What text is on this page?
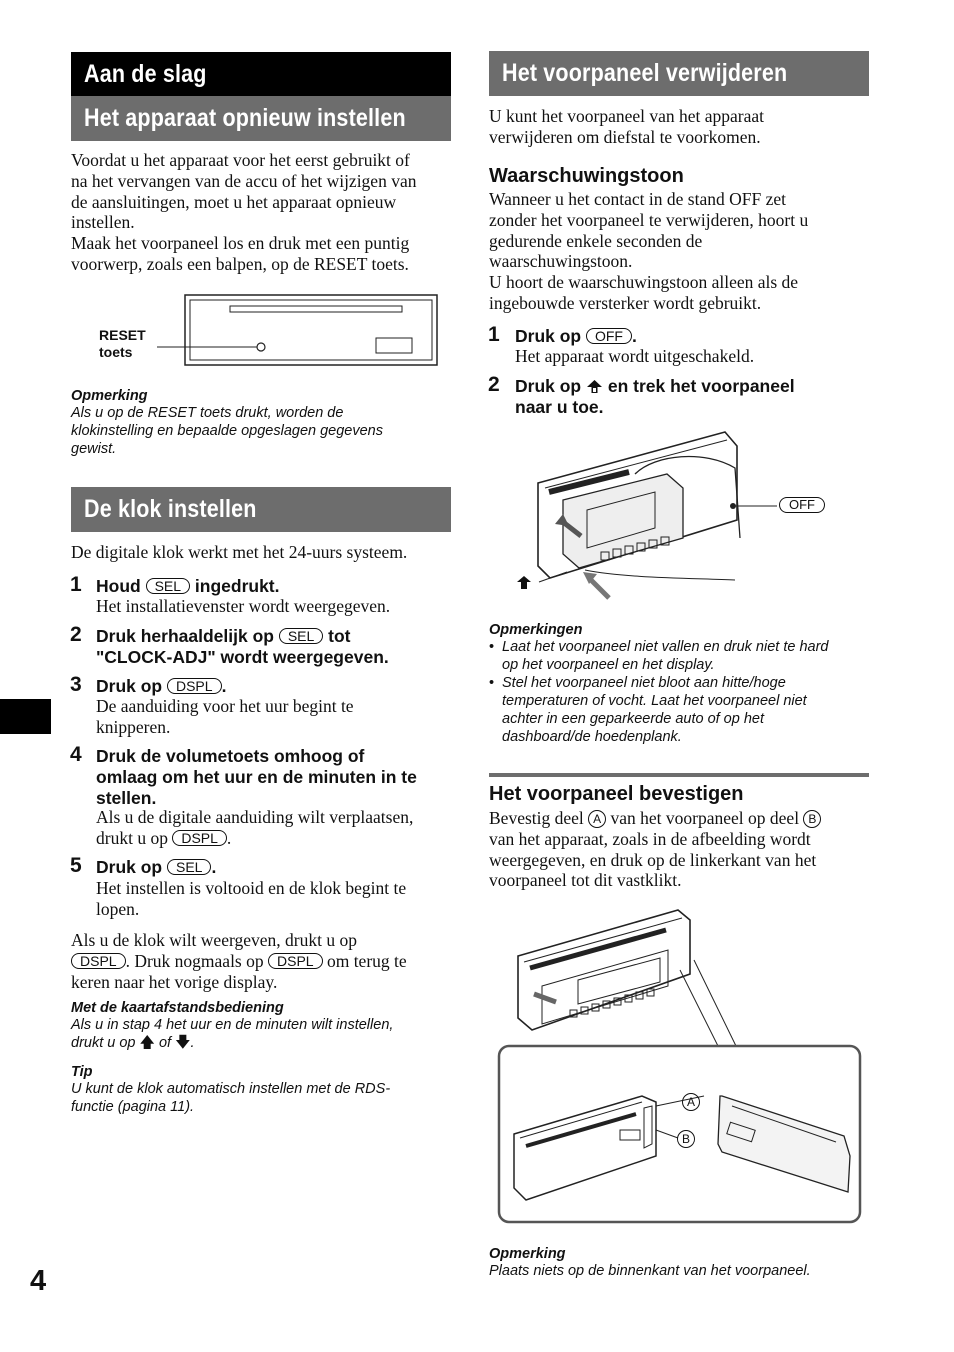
Aan de slag
Het apparaat opnieuw instellen
Voordat u het apparaat voor het eerst gebruikt of
na het vervangen van de accu of het wijzigen van
de aansluitingen, moet u het apparaat opnieuw
instellen.
Maak het voorpaneel los en druk met een puntig
voorwerp, zoals een balpen, op de RESET toets.
RESET
toets
Opmerking
Als u op de RESET toets drukt, worden de
klokinstelling en bepaalde opgeslagen gegevens
gewist.
De klok instellen
De digitale klok werkt met het 24-uurs systeem.
1 Houd SEL ingedrukt.
Het installatievenster wordt weergegeven.
2 Druk herhaaldelijk op SEL tot
"CLOCK-ADJ" wordt weergegeven.
3 Druk op DSPL .
De aanduiding voor het uur begint te
knipperen.
4 Druk de volumetoets omhoog of
omlaag om het uur en de minuten in te
stellen.
Als u de digitale aanduiding wilt verplaatsen,
drukt u op DSPL .
5 Druk op SEL .
Het instellen is voltooid en de klok begint te
lopen.
Als u de klok wilt weergeven, drukt u op
DSPL . Druk nogmaals op DSPL om terug te
keren naar het vorige display.
Met de kaartafstandsbediening
Als u in stap 4 het uur en de minuten wilt instellen,
drukt u op 🡅 of 🡇.
Tip
U kunt de klok automatisch instellen met de RDS-
functie (pagina 11).
4
Het voorpaneel verwijderen
U kunt het voorpaneel van het apparaat
verwijderen om diefstal te voorkomen.
Waarschuwingstoon
Wanneer u het contact in de stand OFF zet
zonder het voorpaneel te verwijderen, hoort u
gedurende enkele seconden de
waarschuwingstoon.
U hoort de waarschuwingstoon alleen als de
ingebouwde versterker wordt gebruikt.
1 Druk op OFF .
Het apparaat wordt uitgeschakeld.
2 Druk op  en trek het voorpaneel
naar u toe.
OFF
Opmerkingen
• Laat het voorpaneel niet vallen en druk niet te hard
op het voorpaneel en het display.
• Stel het voorpaneel niet bloot aan hitte/hoge
temperaturen of vocht. Laat het voorpaneel niet
achter in een geparkeerde auto of op het
dashboard/de hoedenplank.
Het voorpaneel bevestigen
Bevestig deel A van het voorpaneel op deel B
van het apparaat, zoals in de afbeelding wordt
weergegeven, en druk op de linkerkant van het
voorpaneel tot dit vastklikt.
A
B
Opmerking
Plaats niets op de binnenkant van het voorpaneel.
